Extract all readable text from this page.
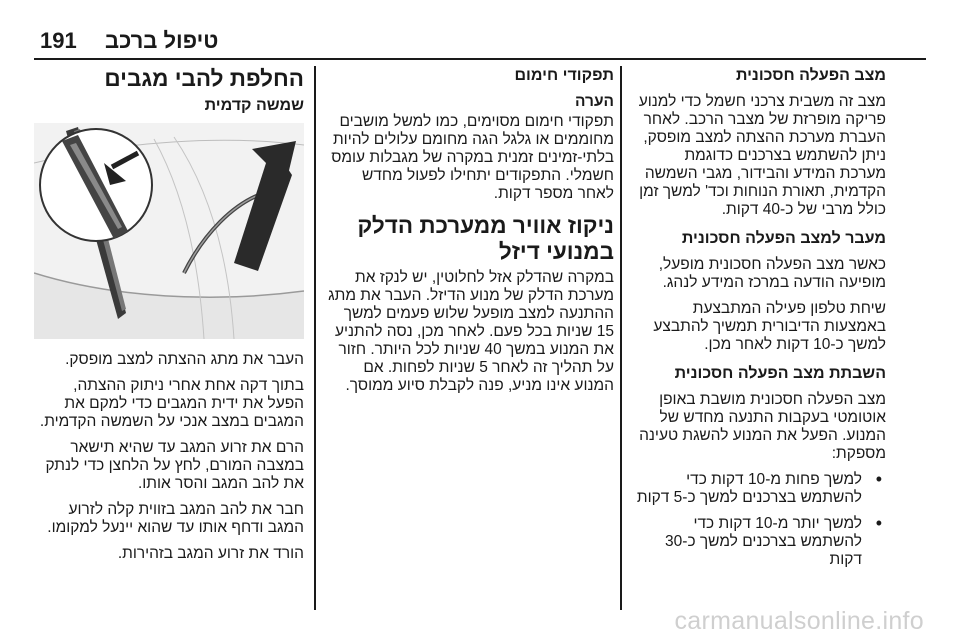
191 טיפול ברכב
מצב הפעלה חסכונית

מצב זה משבית צרכני חשמל כדי למנוע פריקה מופרזת של מצבר הרכב. לאחר העברת מערכת ההצתה למצב מופסק, ניתן להשתמש בצרכנים כדוגמת מערכת המידע והבידור, מגבי השמשה הקדמית, תאורת הנוחות וכד' למשך זמן כולל מרבי של כ-40 דקות.

מעבר למצב הפעלה חסכונית

כאשר מצב הפעלה חסכונית מופעל, מופיעה הודעה במרכז המידע לנהג.

שיחת טלפון פעילה המתבצעת באמצעות הדיבורית תמשיך להתבצע למשך כ-10 דקות לאחר מכן.

השבתת מצב הפעלה חסכונית

מצב הפעלה חסכונית מושבת באופן אוטומטי בעקבות התנעה מחדש של המנוע. הפעל את המנוע להשגת טעינה מספקת:

• למשך פחות מ-10 דקות כדי להשתמש בצרכנים למשך כ-5 דקות
• למשך יותר מ-10 דקות כדי להשתמש בצרכנים למשך כ-30 דקות
תפקודי חימום
הערה

תפקודי חימום מסוימים, כמו למשל מושבים מחוממים או גלגל הגה מחומם עלולים להיות בלתי-זמינים זמנית במקרה של מגבלות עומס חשמלי. התפקודים יתחילו לפעול מחדש לאחר מספר דקות.

ניקוז אוויר ממערכת הדלק במנועי דיזל

במקרה שהדלק אזל לחלוטין, יש לנקז את מערכת הדלק של מנוע הדיזל. העבר את מתג ההתנעה למצב מופעל שלוש פעמים למשך 15 שניות בכל פעם. לאחר מכן, נסה להתניע את המנוע במשך 40 שניות לכל היותר. חזור על תהליך זה לאחר 5 שניות לפחות. אם המנוע אינו מניע, פנה לקבלת סיוע ממוסך.

החלפת להבי מגבים
שמשה קדמית

העבר את מתג ההצתה למצב מופסק.

בתוך דקה אחת אחרי ניתוק ההצתה, הפעל את ידית המגבים כדי למקם את המגבים במצב אנכי על השמשה הקדמית.

הרם את זרוע המגב עד שהיא תישאר במצבה המורם, לחץ על הלחצן כדי לנתק את להב המגב והסר אותו.

חבר את להב המגב בזווית קלה לזרוע המגב ודחף אותו עד שהוא יינעל למקומו.

הורד את זרוע המגב בזהירות.

carmanualsonline.info
